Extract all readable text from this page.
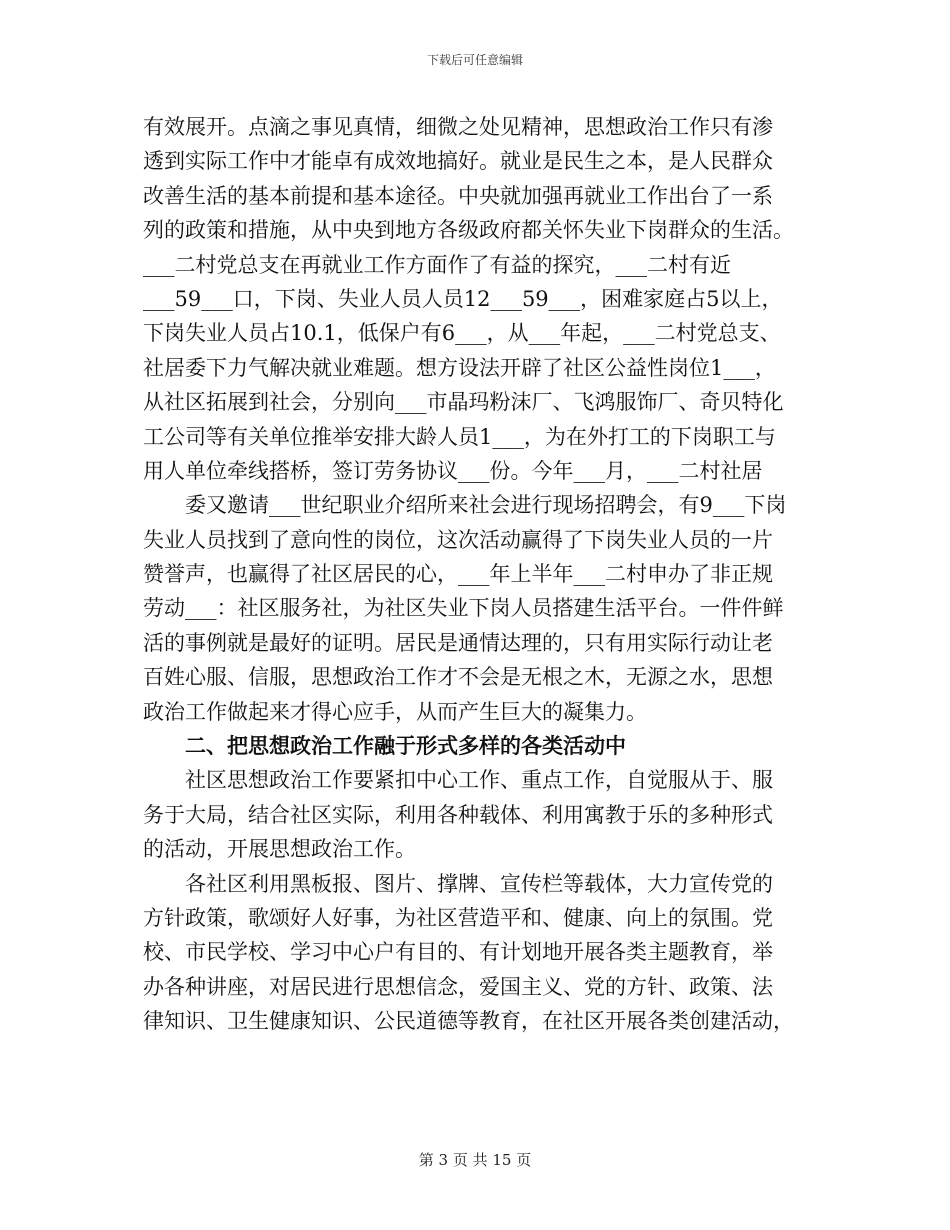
下载后可任意编辑
有效展开。点滴之事见真情，细微之处见精神，思想政治工作只有渗
透到实际工作中才能卓有成效地搞好。就业是民生之本，是人民群众
改善生活的基本前提和基本途径。中央就加强再就业工作出台了一系
列的政策和措施，从中央到地方各级政府都关怀失业下岗群众的生活。
___二村党总支在再就业工作方面作了有益的探究，___二村有近
___59___口，下岗、失业人员人员12___59___，困难家庭占5以上，
下岗失业人员占10.1，低保户有6___，从___年起，___二村党总支、
社居委下力气解决就业难题。想方设法开辟了社区公益性岗位1___，
从社区拓展到社会，分别向___市晶玛粉沫厂、飞鸿服饰厂、奇贝特化
工公司等有关单位推举安排大龄人员1___，为在外打工的下岗职工与
用人单位牵线搭桥，签订劳务协议___份。今年___月，___二村社居
委又邀请___世纪职业介绍所来社会进行现场招聘会，有9___下岗
失业人员找到了意向性的岗位，这次活动赢得了下岗失业人员的一片
赞誉声，也赢得了社区居民的心，___年上半年___二村申办了非正规
劳动___：社区服务社，为社区失业下岗人员搭建生活平台。一件件鲜
活的事例就是最好的证明。居民是通情达理的，只有用实际行动让老
百姓心服、信服，思想政治工作才不会是无根之木，无源之水，思想
政治工作做起来才得心应手，从而产生巨大的凝集力。
二、把思想政治工作融于形式多样的各类活动中
社区思想政治工作要紧扣中心工作、重点工作，自觉服从于、服
务于大局，结合社区实际，利用各种载体、利用寓教于乐的多种形式
的活动，开展思想政治工作。
各社区利用黑板报、图片、撑牌、宣传栏等载体，大力宣传党的
方针政策，歌颂好人好事，为社区营造平和、健康、向上的氛围。党
校、市民学校、学习中心户有目的、有计划地开展各类主题教育，举
办各种讲座，对居民进行思想信念，爱国主义、党的方针、政策、法
律知识、卫生健康知识、公民道德等教育，在社区开展各类创建活动，
第 3 页 共 15 页
